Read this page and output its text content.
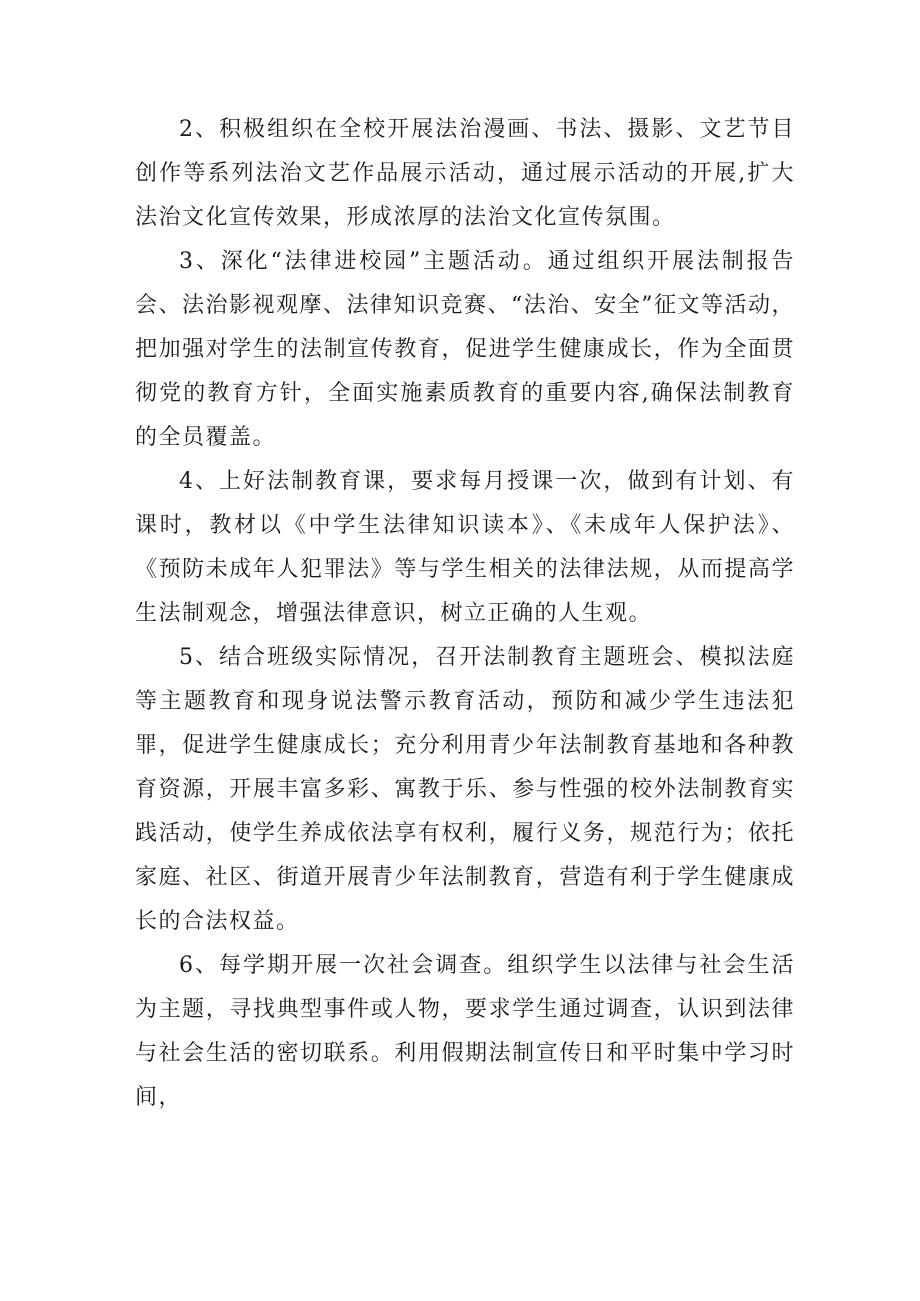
2、积极组织在全校开展法治漫画、书法、摄影、文艺节目创作等系列法治文艺作品展示活动，通过展示活动的开展,扩大法治文化宣传效果，形成浓厚的法治文化宣传氛围。

3、深化“法律进校园”主题活动。通过组织开展法制报告会、法治影视观摩、法律知识竞赛、“法治、安全”征文等活动，把加强对学生的法制宣传教育，促进学生健康成长，作为全面贯彻党的教育方针，全面实施素质教育的重要内容,确保法制教育的全员覆盖。

4、上好法制教育课，要求每月授课一次，做到有计划、有课时，教材以《中学生法律知识读本》、《未成年人保护法》、《预防未成年人犯罪法》等与学生相关的法律法规，从而提高学生法制观念，增强法律意识，树立正确的人生观。

5、结合班级实际情况，召开法制教育主题班会、模拟法庭等主题教育和现身说法警示教育活动，预防和减少学生违法犯罪，促进学生健康成长；充分利用青少年法制教育基地和各种教育资源，开展丰富多彩、寓教于乐、参与性强的校外法制教育实践活动，使学生养成依法享有权利，履行义务，规范行为；依托家庭、社区、街道开展青少年法制教育，营造有利于学生健康成长的合法权益。

6、每学期开展一次社会调查。组织学生以法律与社会生活为主题，寻找典型事件或人物，要求学生通过调查，认识到法律与社会生活的密切联系。利用假期法制宣传日和平时集中学习时间，
